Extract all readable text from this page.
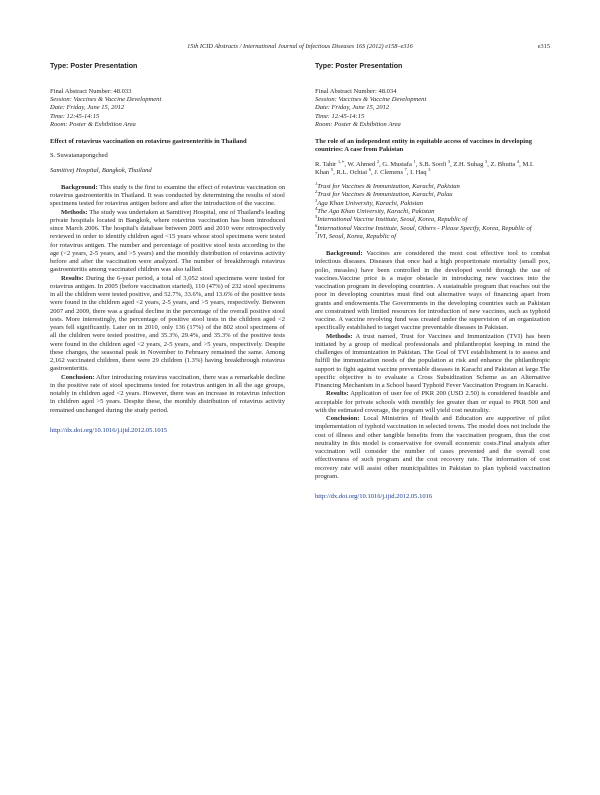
15th ICID Abstracts / International Journal of Infectious Diseases 16S (2012) e158–e316	e315
Type: Poster Presentation
Final Abstract Number: 48.033
Session: Vaccines & Vaccine Development
Date: Friday, June 15, 2012
Time: 12:45-14:15
Room: Poster & Exhibition Area
Effect of rotavirus vaccination on rotavirus gastroenteritis in Thailand
S. Suwatanapongched
Samitivej Hospital, Bangkok, Thailand

Background: This study is the first to examine the effect of rotavirus vaccination on rotavirus gastroenteritis in Thailand. It was conducted by determining the results of stool specimens tested for rotavirus antigen before and after the introduction of the vaccine.

Methods: The study was undertaken at Samitivej Hospital, one of Thailand's leading private hospitals located in Bangkok, where rotavirus vaccination has been introduced since March 2006. The hospital's database between 2005 and 2010 were retrospectively reviewed in order to identify children aged <15 years whose stool specimens were tested for rotavirus antigen. The number and percentage of positive stool tests according to the age (<2 years, 2-5 years, and >5 years) and the monthly distribution of rotavirus activity before and after the vaccination were analyzed. The number of breakthrough rotavirus gastroenteritis among vaccinated children was also tallied.

Results: During the 6-year period, a total of 3,052 stool specimens were tested for rotavirus antigen. In 2005 (before vaccination started), 110 (47%) of 232 stool specimens in all the children were tested positive, and 52.7%, 33.6%, and 13.6% of the positive tests were found in the children aged <2 years, 2-5 years, and >5 years, respectively. Between 2007 and 2009, there was a gradual decline in the percentage of the overall positive stool tests. More interestingly, the percentage of positive stool tests in the children aged <2 years fell significantly. Later on in 2010, only 136 (17%) of the 802 stool specimens of all the children were tested positive, and 35.3%, 29.4%, and 35.3% of the positive tests were found in the children aged <2 years, 2-5 years, and >5 years, respectively. Despite these changes, the seasonal peak in November to February remained the same. Among 2,162 vaccinated children, there were 29 children (1.3%) having breakthrough rotavirus gastroenteritis.

Conclusion: After introducing rotavirus vaccination, there was a remarkable decline in the positive rate of stool specimens tested for rotavirus antigen in all the age groups, notably in children aged <2 years. However, there was an increase in rotavirus infection in children aged >5 years. Despite these, the monthly distribution of rotavirus activity remained unchanged during the study period.

http://dx.doi.org/10.1016/j.ijid.2012.05.1015
Type: Poster Presentation
Final Abstract Number: 48.034
Session: Vaccines & Vaccine Development
Date: Friday, June 15, 2012
Time: 12:45-14:15
Room: Poster & Exhibition Area
The role of an independent entity in equitable access of vaccines in developing countries: A case from Pakistan
R. Tahir $^{1,∗}$, W. Ahmed $^2$, G. Mustafa $^1$, S.B. Soofi $^3$, Z.H. Suhag $^3$, Z. Bhutta $^4$, M.I. Khan $^5$, R.L. Ochiai $^6$, J. Clemens $^7$, I. Haq $^3$
$^1$Trust for Vaccines & Immunization, Karachi, Pakistan
$^2$Trust for Vaccines & Immunization, Karachi, Palau
$^3$Aga Khan University, Karachi, Pakistan
$^4$The Aga Khan University, Karachi, Pakistan
$^5$International Vaccine Institute, Seoul, Korea, Republic of
$^6$International Vaccine Institute, Seoul, Others - Please Specify, Korea, Republic of
$^7$IVI, Seoul, Korea, Republic of

Background: Vaccines are considered the most cost effective tool to combat infectious diseases. Diseases that once had a high proportionate mortality (small pox, polio, measles) have been controlled in the developed world through the use of vaccines.Vaccine price is a major obstacle in introducing new vaccines into the vaccination program in developing countries. A sustainable program that reaches out the poor in developing countries must find out alternative ways of financing apart from grants and endowments.The Governments in the developing countries such as Pakistan are constrained with limited resources for introduction of new vaccines, such as typhoid vaccine. A vaccine revolving fund was created under the supervision of an organization specifically established to target vaccine preventable diseases in Pakistan.

Methods: A trust named, Trust for Vaccines and Immunization (TVI) has been initiated by a group of medical professionals and philanthropist keeping in mind the challenges of immunization in Pakistan. The Goal of TVI establishment is to assess and fulfill the immunization needs of the population at risk and enhance the philanthropic support to fight against vaccine preventable diseases in Karachi and Pakistan at large.The specific objective is to evaluate a Cross Subsidization Scheme as an Alternative Financing Mechanism in a School based Typhoid Fever Vaccination Program in Karachi.

Results: Application of user fee of PKR 200 (USD 2.50) is considered feasible and acceptable for private schools with monthly fee greater than or equal to PKR 500 and with the estimated coverage, the program will yield cost neutrality.

Conclusion: Local Ministries of Health and Education are supportive of pilot implementation of typhoid vaccination in selected towns. The model does not include the cost of illness and other tangible benefits from the vaccination program, thus the cost neutrality in this model is conservative for overall economic costs.Final analysis after vaccination will consider the number of cases prevented and the overall cost effectiveness of such program and the cost recovery rate. The information of cost recovery rate will assist other municipalities in Pakistan to plan typhoid vaccination program.

http://dx.doi.org/10.1016/j.ijid.2012.05.1016
